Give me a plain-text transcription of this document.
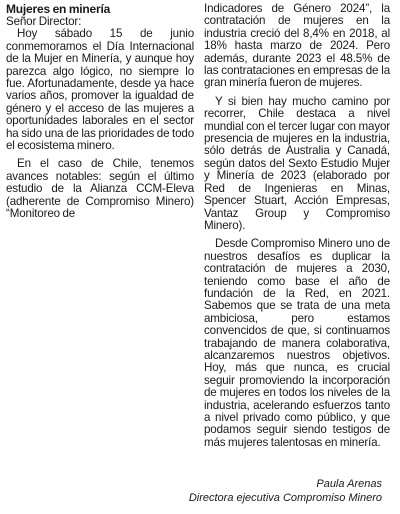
Mujeres en minería
Señor Director:

Hoy sábado 15 de junio conmemoramos el Día Internacional de la Mujer en Minería, y aunque hoy parezca algo lógico, no siempre lo fue. Afortunadamente, desde ya hace varios años, promover la igualdad de género y el acceso de las mujeres a oportunidades laborales en el sector ha sido una de las prioridades de todo el ecosistema minero.

En el caso de Chile, tenemos avances notables: según el último estudio de la Alianza CCM-Eleva (adherente de Compromiso Minero) “Monitoreo de

Indicadores de Género 2024”, la contratación de mujeres en la industria creció del 8,4% en 2018, al 18% hasta marzo de 2024. Pero además, durante 2023 el 48.5% de las contrataciones en empresas de la gran minería fueron de mujeres.

Y si bien hay mucho camino por recorrer, Chile destaca a nivel mundial con el tercer lugar con mayor presencia de mujeres en la industria, sólo detrás de Australia y Canadá, según datos del Sexto Estudio Mujer y Minería de 2023 (elaborado por Red de Ingenieras en Minas, Spencer Stuart, Acción Empresas, Vantaz Group y Compromiso Minero).

Desde Compromiso Minero uno de nuestros desafíos es duplicar la contratación de mujeres a 2030, teniendo como base el año de fundación de la Red, en 2021. Sabemos que se trata de una meta ambiciosa, pero estamos convencidos de que, si continuamos trabajando de manera colaborativa, alcanzaremos nuestros objetivos. Hoy, más que nunca, es crucial seguir promoviendo la incorporación de mujeres en todos los niveles de la industria, acelerando esfuerzos tanto a nivel privado como público, y que podamos seguir siendo testigos de más mujeres talentosas en minería.

Paula Arenas
Directora ejecutiva Compromiso Minero
